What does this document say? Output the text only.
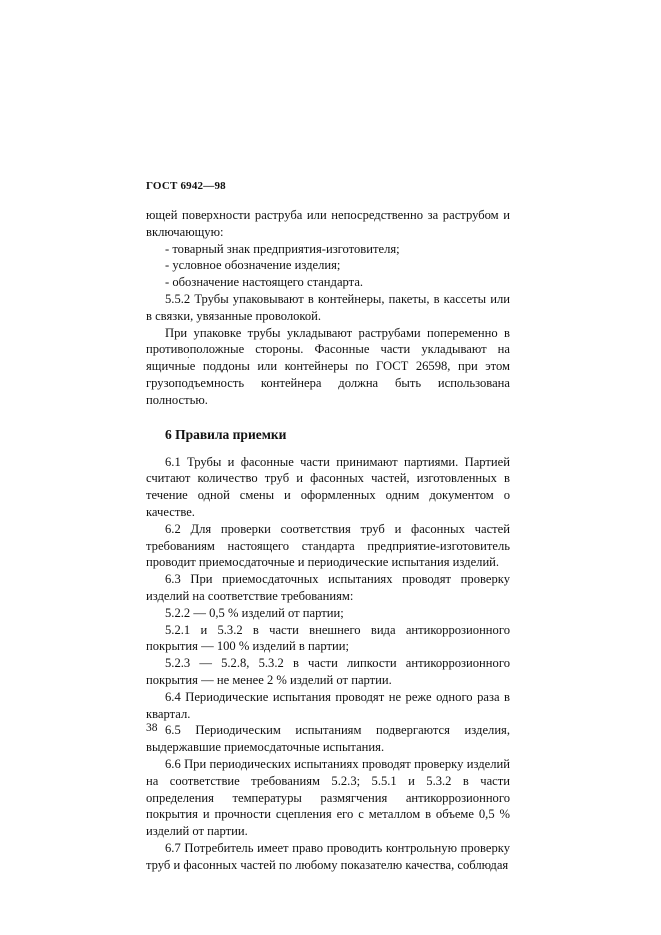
ГОСТ 6942—98

ющей поверхности раструба или непосредственно за раструбом и включающую:

- товарный знак предприятия-изготовителя;

- условное обозначение изделия;

- обозначение настоящего стандарта.

5.5.2 Трубы упаковывают в контейнеры, пакеты, в кассеты или в связки, увязанные проволокой.

При упаковке трубы укладывают раструбами попеременно в противоположные стороны. Фасонные части укладывают на ящичные поддоны или контейнеры по ГОСТ 26598, при этом грузоподъемность контейнера должна быть использована полностью.

6 Правила приемки

6.1 Трубы и фасонные части принимают партиями. Партией считают количество труб и фасонных частей, изготовленных в течение одной смены и оформленных одним документом о качестве.

6.2 Для проверки соответствия труб и фасонных частей требованиям настоящего стандарта предприятие-изготовитель проводит приемосдаточные и периодические испытания изделий.

6.3 При приемосдаточных испытаниях проводят проверку изделий на соответствие требованиям:

5.2.2 — 0,5 % изделий от партии;

5.2.1 и 5.3.2 в части внешнего вида антикоррозионного покрытия — 100 % изделий в партии;

5.2.3 — 5.2.8, 5.3.2 в части липкости антикоррозионного покрытия — не менее 2 % изделий от партии.

6.4 Периодические испытания проводят не реже одного раза в квартал.

6.5 Периодическим испытаниям подвергаются изделия, выдержавшие приемосдаточные испытания.

6.6 При периодических испытаниях проводят проверку изделий на соответствие требованиям 5.2.3; 5.5.1 и 5.3.2 в части определения температуры размягчения антикоррозионного покрытия и прочности сцепления его с металлом в объеме 0,5 % изделий от партии.

6.7 Потребитель имеет право проводить контрольную проверку труб и фасонных частей по любому показателю качества, соблюдая

38
